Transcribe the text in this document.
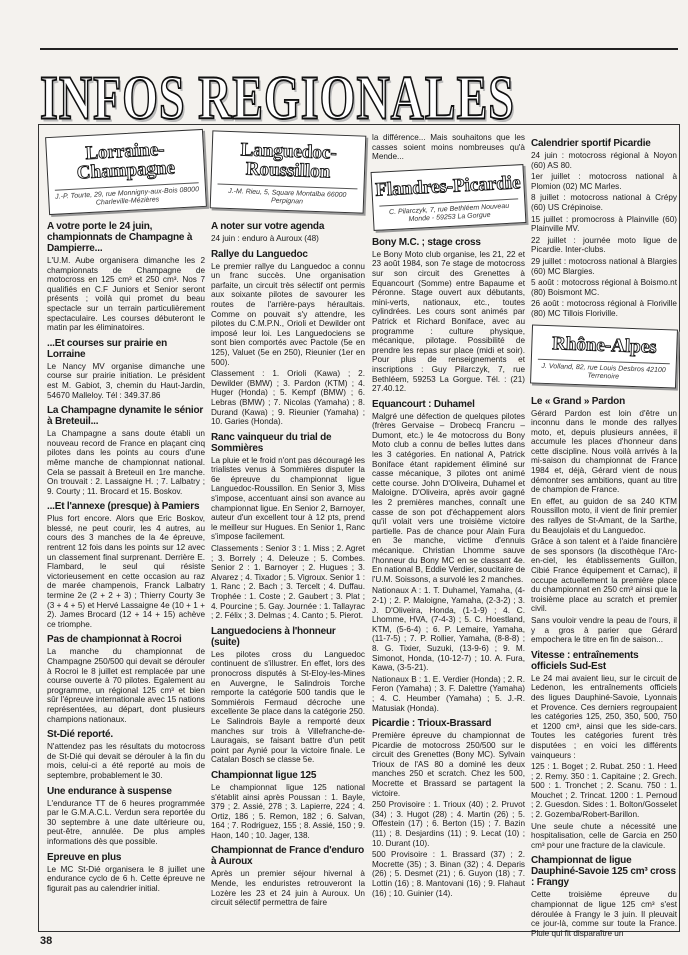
INFOS REGIONALES
Lorraine-Champagne
J.-P. Tourte, 29, rue Monnigny-aux-Bois 08000 Charleville-Mézières
A votre porte le 24 juin, championnats de Champagne à Dampierre...

L'U.M. Aube organisera dimanche les 2 championnats de Champagne de motocross en 125 cm³ et 250 cm³. Nos 7 qualifiés en C.F Juniors et Senior seront présents ; voilà qui promet du beau spectacle sur un terrain particulièrement spectaculaire. Les courses débuteront le matin par les éliminatoires.

...Et courses sur prairie en Lorraine

Le Nancy MV organise dimanche une course sur prairie initiation. Le président est M. Gabiot, 3, chemin du Haut-Jardin, 54670 Malleloy. Tél : 349.37.86

La Champagne dynamite le sénior à Breteuil...

La Champagne a sans doute établi un nouveau record de France en plaçant cinq pilotes dans les points au cours d'une même manche de championnat national. Cela se passait à Breteuil en 1re manche. On trouvait : 2. Lassaigne H. ; 7. Lalbatry ; 9. Courty ; 11. Brocard et 15. Boskov.

...Et l'annexe (presque) à Pamiers

Plus fort encore. Alors que Eric Boskov, blessé, ne peut courir, les 4 autres, au cours des 3 manches de la 4e épreuve, rentrent 12 fois dans les points sur 12 avec un classement final surprenant. Derrière E. Flambard, le seul qui résiste victorieusement en cette occasion au raz de marée champenois, Franck Lalbatry termine 2e (2 + 2 + 3) ; Thierry Courty 3e (3 + 4 + 5) et Hervé Lassaigne 4e (10 + 1 + 2). James Brocard (12 + 14 + 15) achève ce triomphe.

Pas de championnat à Rocroi

La manche du championnat de Champagne 250/500 qui devait se dérouler à Rocroi le 8 juillet est remplacée par une course ouverte à 70 pilotes. Egalement au programme, un régional 125 cm³ et bien sûr l'épreuve internationale avec 15 nations représentées, au départ, dont plusieurs champions nationaux.

St-Dié reporté.

N'attendez pas les résultats du motocross de St-Dié qui devait se dérouler à la fin du mois, celui-ci a été reporté au mois de septembre, probablement le 30.

Une endurance à suspense

L'endurance TT de 6 heures programmée par le G.M.A.C.L. Verdun sera reportée du 30 septembre à une date ultérieure ou, peut-être, annulée. De plus amples informations dès que possible.

Epreuve en plus

Le MC St-Dié organisera le 8 juillet une endurance cyclo de 6 h. Cette épreuve ne figurait pas au calendrier initial.

Languedoc-Roussillon
J.-M. Rieu, 5, Square Montalba 66000 Perpignan
A noter sur votre agenda

24 juin : enduro à Auroux (48)

Rallye du Languedoc

Le premier rallye du Languedoc a connu un franc succès. Une organisation parfaite, un circuit très sélectif ont permis aux soixante pilotes de savourer les routes de l'arrière-pays héraultais. Comme on pouvait s'y attendre, les pilotes du C.M.P.N., Orioli et Dewilder ont imposé leur loi. Les Languedociens se sont bien comportés avec Pactole (5e en 125), Valuet (5e en 250), Rieunier (1er en 500).

Classement : 1. Orioli (Kawa) ; 2. Dewilder (BMW) ; 3. Pardon (KTM) ; 4. Huger (Honda) ; 5. Kempf (BMW) ; 6. Lebras (BMW) ; 7. Nicolas (Yamaha) ; 8. Durand (Kawa) ; 9. Rieunier (Yamaha) ; 10. Garies (Honda).

Ranc vainqueur du trial de Sommières

La pluie et le froid n'ont pas découragé les trialistes venus à Sommières disputer la 6e épreuve du championnat ligue Languedoc-Roussillon. En Senior 3, Miss s'impose, accentuant ainsi son avance au championnat ligue. En Senior 2, Barnoyer, auteur d'un excellent tour à 12 pts, prend le meilleur sur Hugues. En Senior 1, Ranc s'impose facilement.

Classements : Senior 3 : 1. Miss ; 2. Agret ; 3. Borrely ; 4. Deleuze ; 5. Combes. Senior 2 : 1. Barnoyer ; 2. Hugues ; 3. Alvarez ; 4. Tixador ; 5. Vigroux. Senior 1 : 1. Ranc ; 2. Bach ; 3. Tercelt ; 4. Duffau. Trophée : 1. Coste ; 2. Gaubert ; 3. Plat ; 4. Pourcine ; 5. Gay. Journée : 1. Tallayrac ; 2. Félix ; 3. Delmas ; 4. Canto ; 5. Pierot.

Languedociens à l'honneur (suite)

Les pilotes cross du Languedoc continuent de s'illustrer. En effet, lors des pronocross disputés à St-Eloy-les-Mines en Auvergne, le Salindrois Torche remporte la catégorie 500 tandis que le Sommiérois Fermaud décroche une excellente 3e place dans la catégorie 250. Le Salindrois Bayle a remporté deux manches sur trois à Villefranche-de-Lauragais, se faisant battre d'un petit point par Aynié pour la victoire finale. Le Catalan Bosch se classe 5e.

Championnat ligue 125

Le championnat ligue 125 national s'établit ainsi après Poussan : 1. Bayle, 379 ; 2. Assié, 278 ; 3. Lapierre, 224 ; 4. Ortiz, 186 ; 5. Remon, 182 ; 6. Salvan, 164 ; 7. Rodriguez, 155 ; 8. Assié, 150 ; 9. Haon, 140 ; 10. Jager, 138.

Championnat de France d'enduro à Auroux

Après un premier séjour hivernal à Mende, les enduristes retrouveront la Lozère les 23 et 24 juin à Auroux. Un circuit sélectif permettra de faire

la différence... Mais souhaitons que les casses soient moins nombreuses qu'à Mende...

Flandres-Picardie
C. Pilarczyk, 7, rue Bethléem Nouveau Monde - 59253 La Gorgue
Bony M.C. ; stage cross

Le Bony Moto club organise, les 21, 22 et 23 août 1984, son 7e stage de motocross sur son circuit des Grenettes à Equancourt (Somme) entre Bapaume et Péronne. Stage ouvert aux débutants, mini-verts, nationaux, etc., toutes cylindrées. Les cours sont animés par Patrick et Richard Boniface, avec au programme : culture physique, mécanique, pilotage. Possibilité de prendre les repas sur place (midi et soir). Pour plus de renseignements et inscriptions : Guy Pilarczyk, 7, rue Bethléem, 59253 La Gorgue. Tél. : (21) 27.40.12.

Equancourt : Duhamel

Malgré une défection de quelques pilotes (frères Gervaise – Drobecq Francru – Dumont, etc.) le 4e motocross du Bony Moto club a connu de belles luttes dans les 3 catégories. En national A, Patrick Boniface étant rapidement éliminé sur casse mécanique, 3 pilotes ont animé cette course. John D'Oliveira, Duhamel et Maloigne. D'Oliveira, après avoir gagné les 2 premières manches, connaît une casse de son pot d'échappement alors qu'il volait vers une troisième victoire partielle. Pas de chance pour Alain Fura en 3e manche, victime d'ennuis mécanique. Christian Lhomme sauve l'honneur du Bony MC en se classant 4e. En national B, Eddie Verdier, soucitaire de l'U.M. Soissons, a survolé les 2 manches.

Nationaux A : 1. T. Duhamel, Yamaha, (4-2-1) ; 2. P. Maloigne, Yamaha, (2-3-2) ; 3. J. D'Oliveira, Honda, (1-1-9) ; 4. C. Lhomme, HVA, (7-4-3) ; 5. C. Hoestland, KTM, (5-6-4) ; 6. P. Lemaire, Yamaha, (11-7-5) ; 7. P. Rollier, Yamaha, (8-8-8) ; 8. G. Tixier, Suzuki, (13-9-6) ; 9. M. Simonot, Honda, (10-12-7) ; 10. A. Fura, Kawa, (3-5-21).

Nationaux B : 1. E. Verdier (Honda) ; 2. R. Feron (Yamaha) ; 3. F. Dalettre (Yamaha) ; 4. C. Heumber (Yamaha) ; 5. J.-R. Matusiak (Honda).

Picardie : Trioux-Brassard

Première épreuve du championnat de Picardie de motocross 250/500 sur le circuit des Grenettes (Bony MC). Sylvain Trioux de l'AS 80 a dominé les deux manches 250 et scratch. Chez les 500, Mocrette et Brassard se partagent la victoire.

250 Provisoire : 1. Trioux (40) ; 2. Pruvot (34) ; 3. Hugot (28) ; 4. Martin (26) ; 5. Offestein (17) ; 6. Berton (15) ; 7. Bazin (11) ; 8. Desjardins (11) ; 9. Lecat (10) ; 10. Durant (10).

500 Provisoire : 1. Brassard (37) ; 2. Mocrette (35) ; 3. Binan (32) ; 4. Deparis (26) ; 5. Desmet (21) ; 6. Guyon (18) ; 7. Lottin (16) ; 8. Mantovani (16) ; 9. Flahaut (16) ; 10. Guinier (14).

Calendrier sportif Picardie

24 juin : motocross régional à Noyon (60) AS 80.

1er juillet : motocross national à Plomion (02) MC Marles.

8 juillet : motocross national à Crépy (60) US Crépinoise.

15 juillet : promocross à Plainville (60) Plainville MV.

22 juillet : journée moto ligue de Picardie. Inter-clubs.

29 juillet : motocross national à Blargies (60) MC Blargies.

5 août : motocross régional à Boismo.nt (80) Boismont MC.

26 août : motocross régional à Floriville (80) MC Tillois Floriville.

Rhône-Alpes
J. Volland, 82, rue Louis Desbros 42100 Terrenoire
Le « Grand » Pardon

Gérard Pardon est loin d'être un inconnu dans le monde des rallyes moto, et, depuis plusieurs années, il accumule les places d'honneur dans cette discipline. Nous voilà arrivés à la mi-saison du championnat de France 1984 et, déjà, Gérard vient de nous démontrer ses ambitions, quant au titre de champion de France.

En effet, au guidon de sa 240 KTM Roussillon moto, il vient de finir premier des rallyes de St-Amant, de la Sarthe, du Beaujolais et du Languedoc.

Grâce à son talent et à l'aide financière de ses sponsors (la discothèque l'Arc-en-ciel, les établissements Guillon, Cibié France équipement et Carnac), il occupe actuellement la première place du championnat en 250 cm³ ainsi que la troisième place au scratch et premier civil.

Sans vouloir vendre la peau de l'ours, il y a gros à parier que Gérard empochera le titre en fin de saison...

Vitesse : entraînements officiels Sud-Est

Le 24 mai avaient lieu, sur le circuit de Ledenon, les entraînements officiels des ligues Dauphiné-Savoie, Lyonnais et Provence. Ces derniers regroupaient les catégories 125, 250, 350, 500, 750 et 1200 cm³, ainsi que les side-cars. Toutes les catégories furent très disputées ; en voici les différents vainqueurs :

125 : 1. Boget ; 2. Rubat. 250 : 1. Heed ; 2. Remy. 350 : 1. Capitaine ; 2. Grech. 500 : 1. Tronchet ; 2. Scanu. 750 : 1. Mouchet ; 2. Trincat. 1200 : 1. Pernoud ; 2. Guesdon. Sides : 1. Bolton/Gosselet ; 2. Gozemba/Robert-Barillon.

Une seule chute a nécessité une hospitalisation, celle de Garcia en 250 cm³ pour une fracture de la clavicule.

Championnat de ligue Dauphiné-Savoie 125 cm³ cross : Frangy

Cette troisième épreuve du championnat de ligue 125 cm³ s'est déroulée à Frangy le 3 juin. Il pleuvait ce jour-là, comme sur toute la France. Pluie qui fit disparaître un

38
